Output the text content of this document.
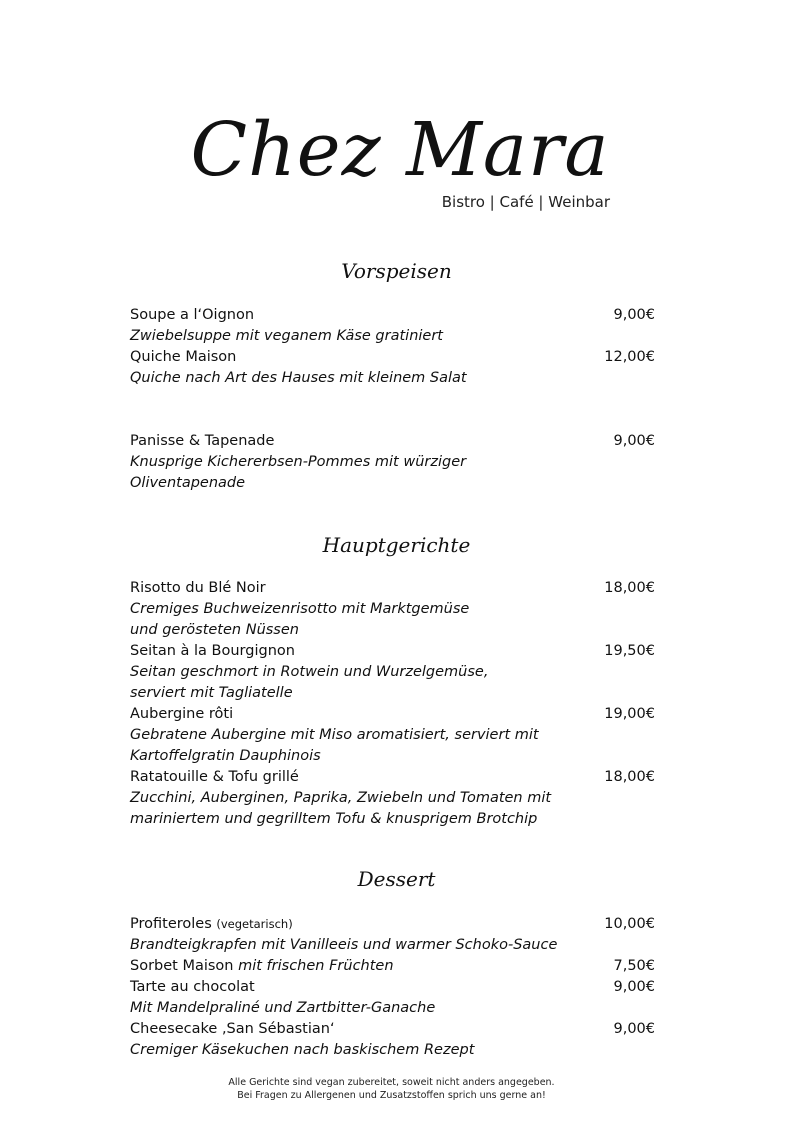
Chez Mara
Bistro | Café | Weinbar
Vorspeisen
Soupe a l‘Oignon	9,00€
Zwiebelsuppe mit veganem Käse gratiniert
Quiche Maison	12,00€
Quiche nach Art des Hauses mit kleinem Salat
Panisse & Tapenade	9,00€
Knusprige Kichererbsen-Pommes mit würziger
Oliventapenade
Hauptgerichte
Risotto du Blé Noir	18,00€
Cremiges Buchweizenrisotto mit Marktgemüse
und gerösteten Nüssen
Seitan à la Bourgignon	19,50€
Seitan geschmort in Rotwein und Wurzelgemüse,
serviert mit Tagliatelle
Aubergine rôti	19,00€
Gebratene Aubergine mit Miso aromatisiert, serviert mit
Kartoffelgratin Dauphinois
Ratatouille & Tofu grillé	18,00€
Zucchini, Auberginen, Paprika, Zwiebeln und Tomaten mit
mariniertem und gegrilltem Tofu & knusprigem Brotchip
Dessert
Profiteroles (vegetarisch)	10,00€
Brandteigkrapfen mit Vanilleeis und warmer Schoko-Sauce
Sorbet Maison mit frischen Früchten	7,50€
Tarte au chocolat	9,00€
Mit Mandelpraliné und Zartbitter-Ganache
Cheesecake ‚San Sébastian‘	9,00€
Cremiger Käsekuchen nach baskischem Rezept
Alle Gerichte sind vegan zubereitet, soweit nicht anders angegeben.
Bei Fragen zu Allergenen und Zusatzstoffen sprich uns gerne an!
